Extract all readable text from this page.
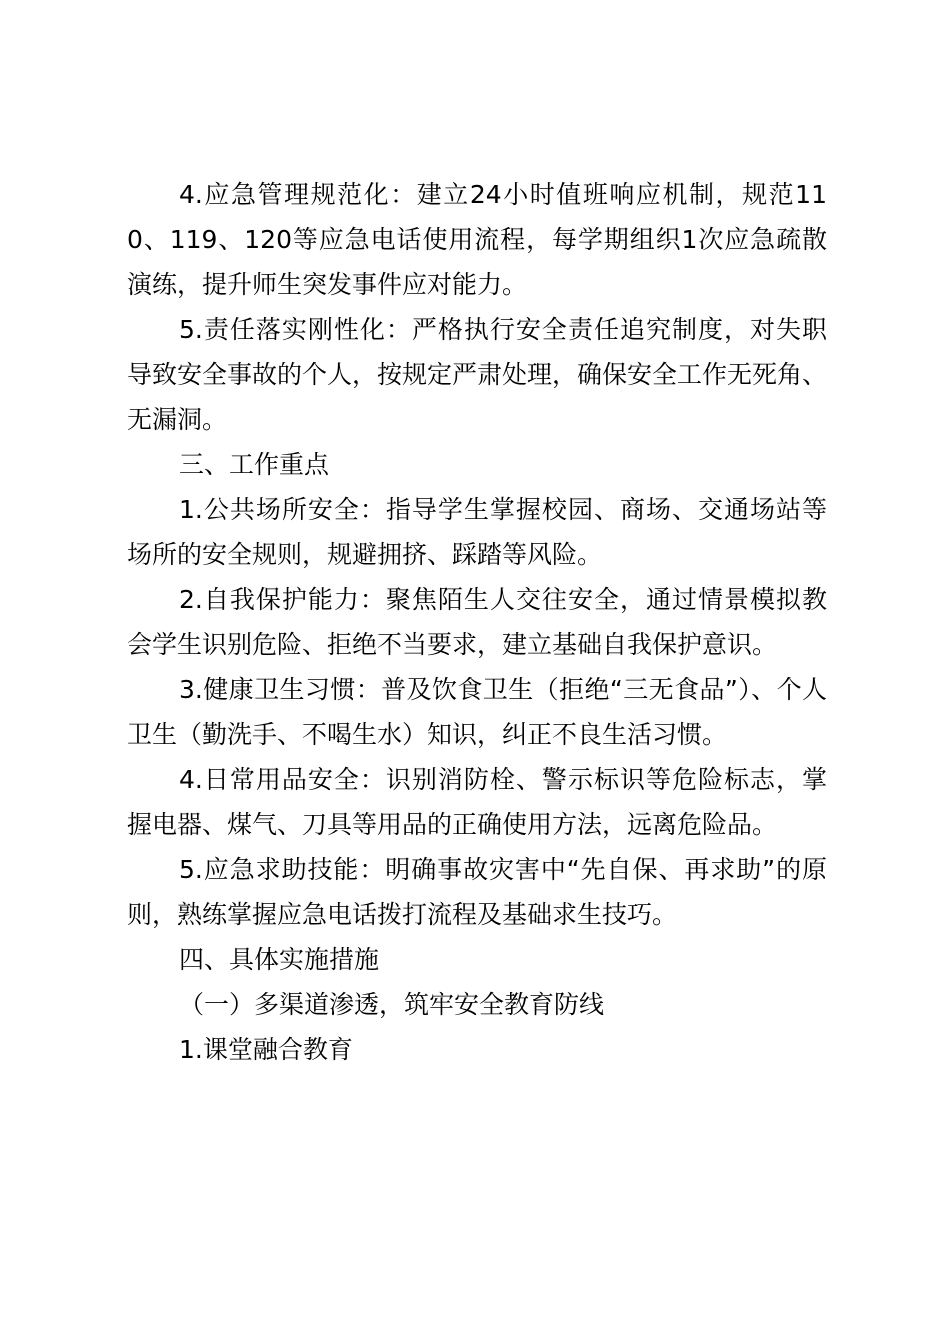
4.应急管理规范化：建立24小时值班响应机制，规范110、119、120等应急电话使用流程，每学期组织1次应急疏散演练，提升师生突发事件应对能力。

5.责任落实刚性化：严格执行安全责任追究制度，对失职导致安全事故的个人，按规定严肃处理，确保安全工作无死角、无漏洞。

三、工作重点

1.公共场所安全：指导学生掌握校园、商场、交通场站等场所的安全规则，规避拥挤、踩踏等风险。

2.自我保护能力：聚焦陌生人交往安全，通过情景模拟教会学生识别危险、拒绝不当要求，建立基础自我保护意识。

3.健康卫生习惯：普及饮食卫生（拒绝“三无食品”）、个人卫生（勤洗手、不喝生水）知识，纠正不良生活习惯。

4.日常用品安全：识别消防栓、警示标识等危险标志，掌握电器、煤气、刀具等用品的正确使用方法，远离危险品。

5.应急求助技能：明确事故灾害中“先自保、再求助”的原则，熟练掌握应急电话拨打流程及基础求生技巧。

四、具体实施措施

（一）多渠道渗透，筑牢安全教育防线

1.课堂融合教育
